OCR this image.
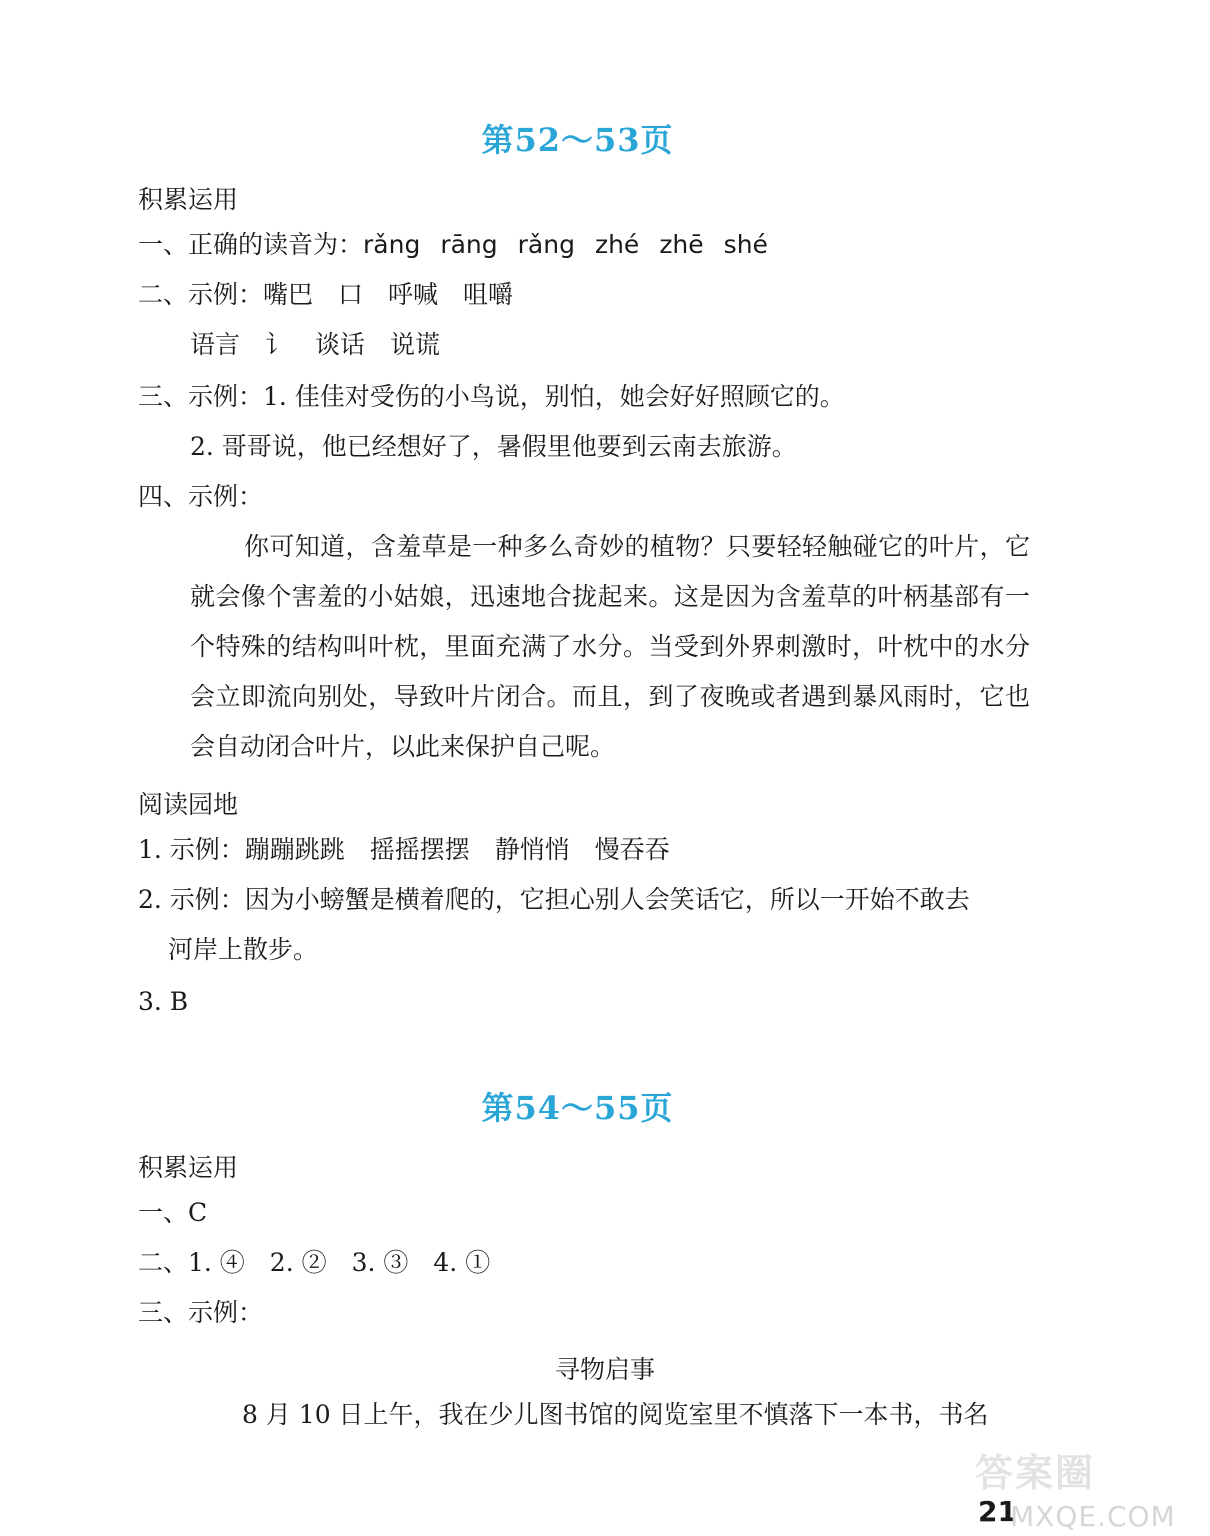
第52～53页
积累运用
一、正确的读音为：rǎng rāng rǎng zhé zhē shé
二、示例：嘴巴　口　呼喊　咀嚼
语言　讠　谈话　说谎
三、示例：1. 佳佳对受伤的小鸟说，别怕，她会好好照顾它的。
2. 哥哥说，他已经想好了，暑假里他要到云南去旅游。
四、示例：
你可知道，含羞草是一种多么奇妙的植物？只要轻轻触碰它的叶片，它就会像个害羞的小姑娘，迅速地合拢起来。这是因为含羞草的叶柄基部有一个特殊的结构叫叶枕，里面充满了水分。当受到外界刺激时，叶枕中的水分会立即流向别处，导致叶片闭合。而且，到了夜晚或者遇到暴风雨时，它也会自动闭合叶片，以此来保护自己呢。
阅读园地
1. 示例：蹦蹦跳跳　摇摇摆摆　静悄悄　慢吞吞
2. 示例：因为小螃蟹是横着爬的，它担心别人会笑话它，所以一开始不敢去
河岸上散步。
3. B
第54～55页
积累运用
一、C
二、1. ④　2. ②　3. ③　4. ①
三、示例：
寻物启事
8 月 10 日上午，我在少儿图书馆的阅览室里不慎落下一本书，书名
答案圈
21
MXQE.COM
